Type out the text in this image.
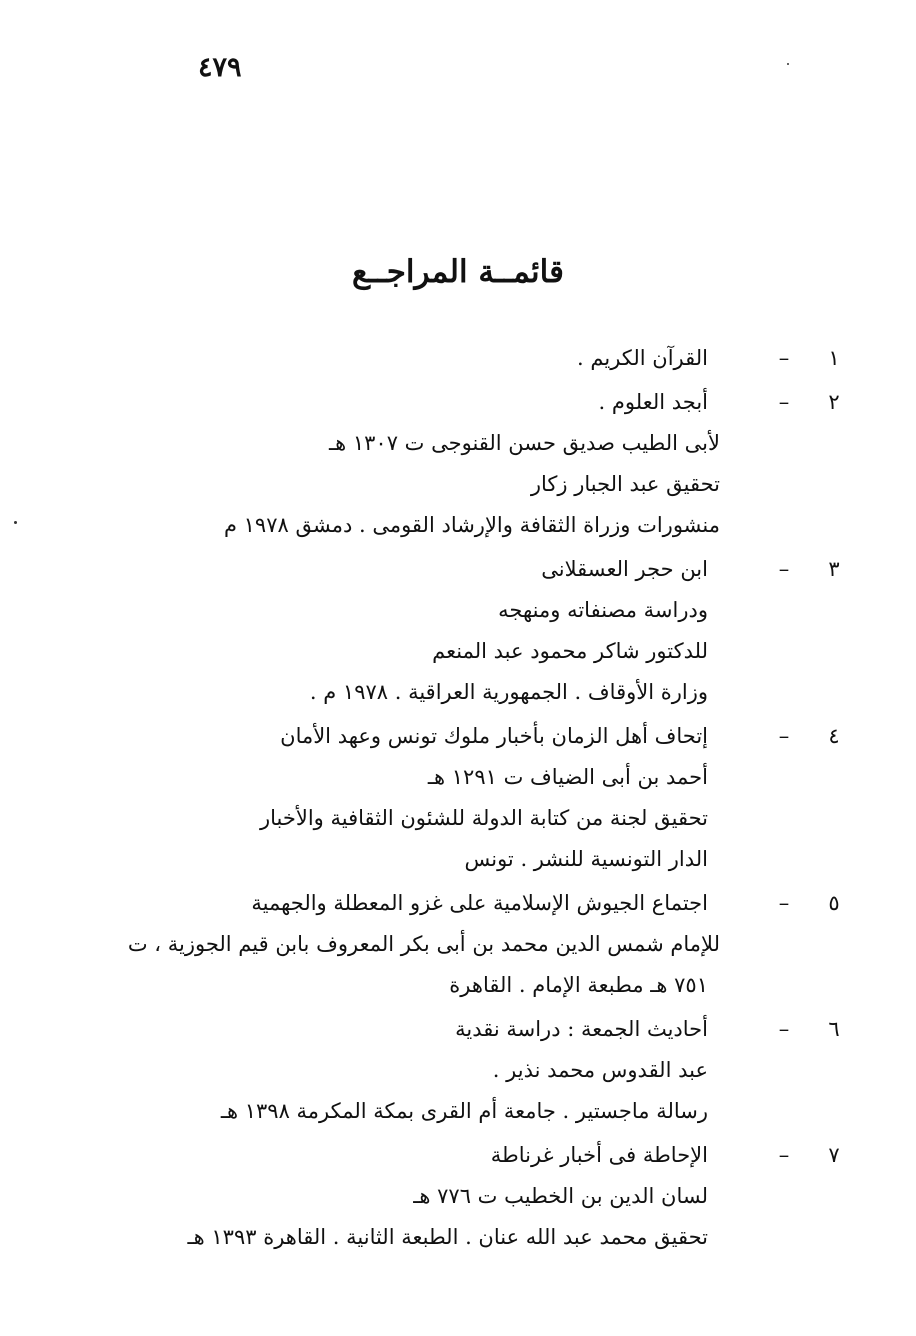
٤٧٩
قائمــة المراجــع
١
–
القرآن الكريم .
٢
–
أبجد العلوم .
لأبى الطيب صديق حسن القنوجى ت ١٣٠٧ هـ
تحقيق عبد الجبار زكار
منشورات وزراة الثقافة والإرشاد القومى . دمشق ١٩٧٨ م
٣
–
ابن حجر العسقلانى
ودراسة مصنفاته ومنهجه
للدكتور شاكر محمود عبد المنعم
وزارة الأوقاف . الجمهورية العراقية . ١٩٧٨ م .
٤
–
إتحاف أهل الزمان بأخبار ملوك تونس وعهد الأمان
أحمد بن أبى الضياف ت ١٢٩١ هـ
تحقيق لجنة من كتابة الدولة للشئون الثقافية والأخبار
الدار التونسية للنشر . تونس
٥
–
اجتماع الجيوش الإسلامية على غزو المعطلة والجهمية
للإمام شمس الدين محمد بن أبى بكر المعروف بابن قيم الجوزية ، ت
٧٥١ هـ مطبعة الإمام . القاهرة
٦
–
أحاديث الجمعة : دراسة نقدية
عبد القدوس محمد نذير .
رسالة ماجستير . جامعة أم القرى بمكة المكرمة ١٣٩٨ هـ
٧
–
الإحاطة فى أخبار غرناطة
لسان الدين بن الخطيب ت ٧٧٦ هـ
تحقيق محمد عبد الله عنان . الطبعة الثانية . القاهرة ١٣٩٣ هـ
